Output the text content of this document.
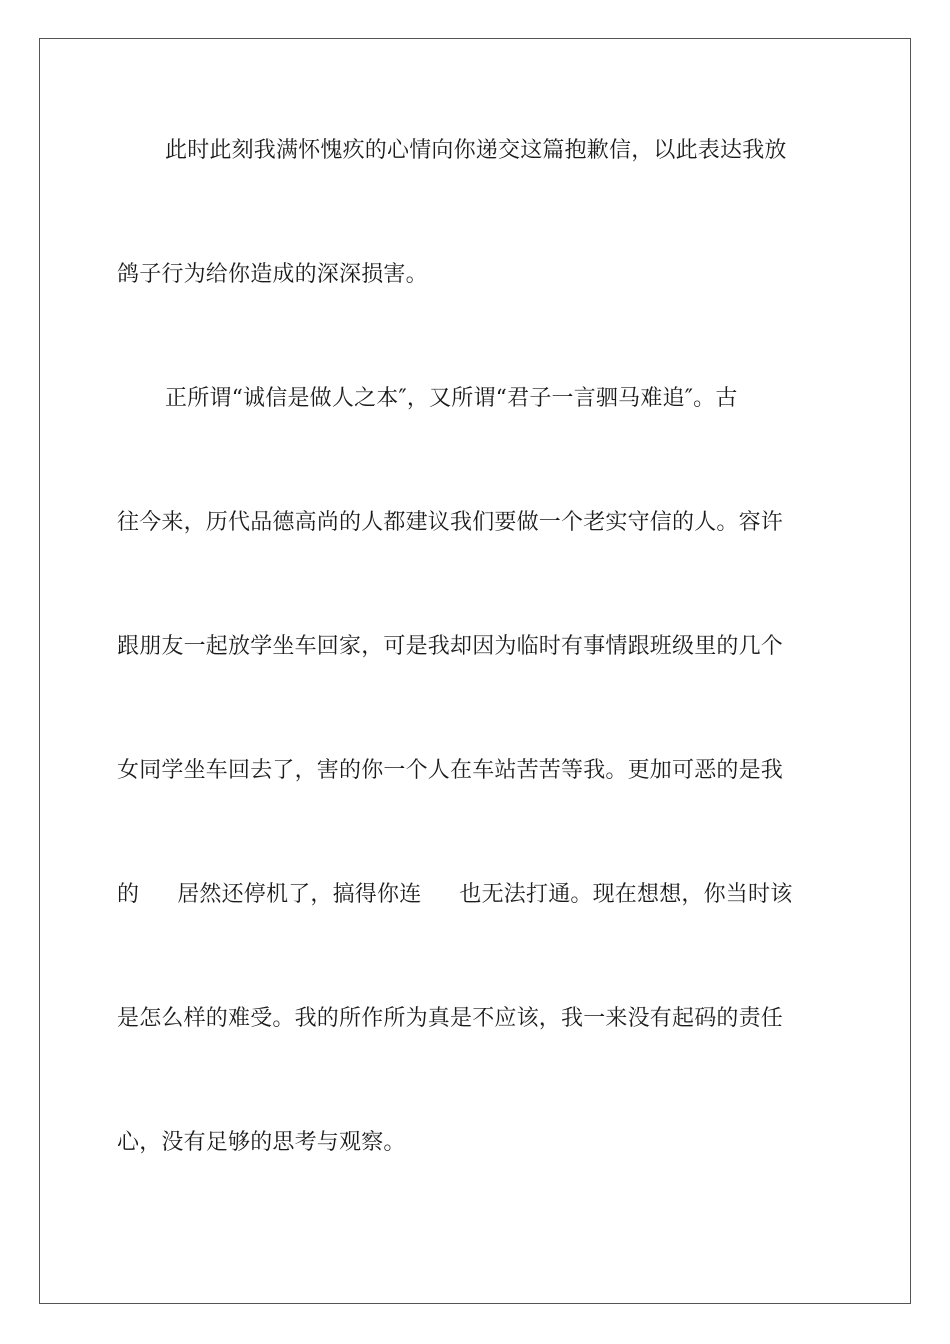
此时此刻我满怀愧疚的心情向你递交这篇抱歉信，以此表达我放
鸽子行为给你造成的深深损害。
正所谓“诚信是做人之本″，又所谓“君子一言驷马难追″。古
往今来，历代品德高尚的人都建议我们要做一个老实守信的人。容许
跟朋友一起放学坐车回家，可是我却因为临时有事情跟班级里的几个
女同学坐车回去了，害的你一个人在车站苦苦等我。更加可恶的是我
的 居然还停机了，搞得你连 也无法打通。现在想想，你当时该
是怎么样的难受。我的所作所为真是不应该，我一来没有起码的责任
心，没有足够的思考与观察。
